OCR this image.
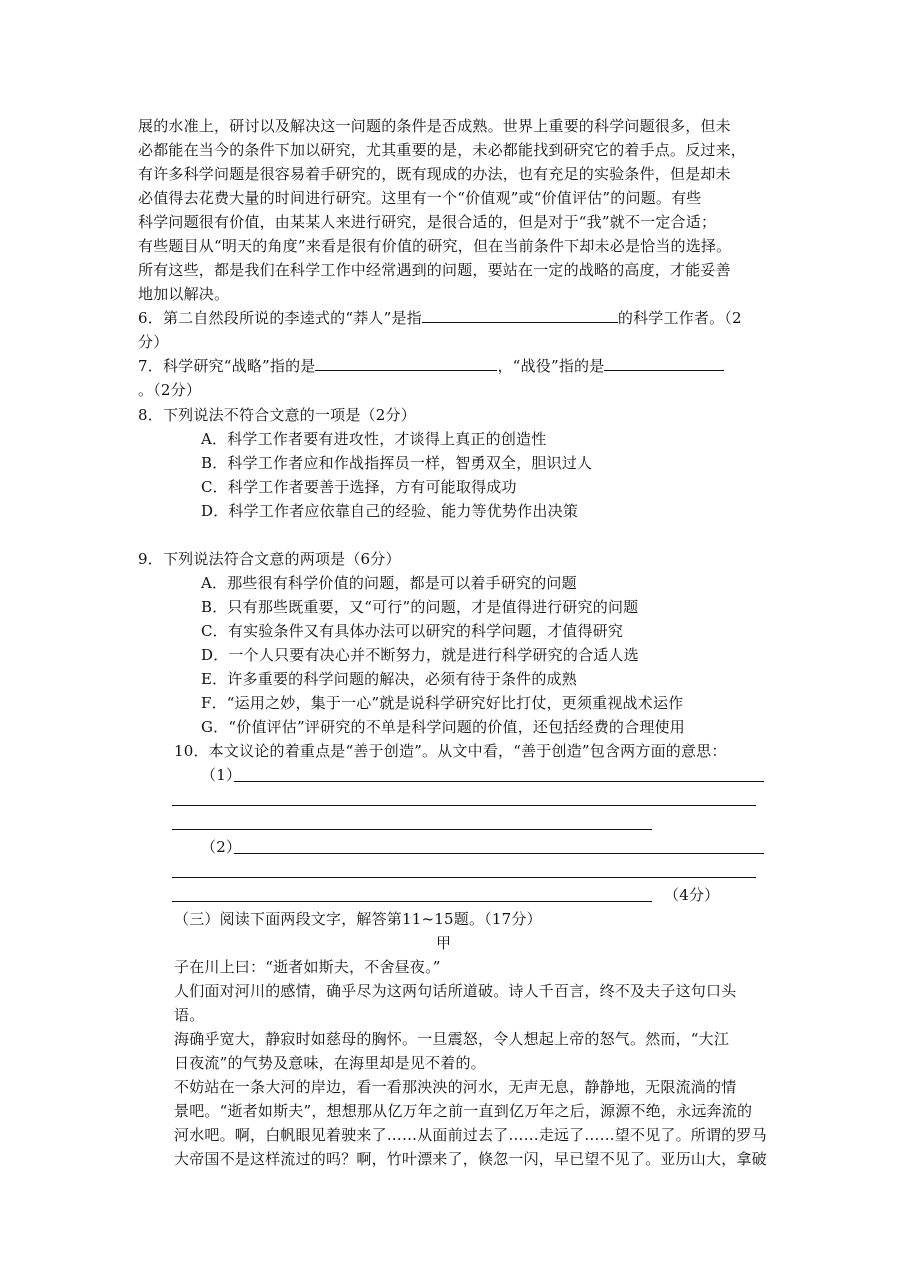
展的水准上，研讨以及解决这一问题的条件是否成熟。世界上重要的科学问题很多，但未
必都能在当今的条件下加以研究，尤其重要的是，未必都能找到研究它的着手点。反过来，
有许多科学问题是很容易着手研究的，既有现成的办法，也有充足的实验条件，但是却未
必值得去花费大量的时间进行研究。这里有一个“价值观”或“价值评估”的问题。有些
科学问题很有价值，由某某人来进行研究，是很合适的，但是对于“我”就不一定合适；
有些题目从“明天的角度”来看是很有价值的研究，但在当前条件下却未必是恰当的选择。
所有这些，都是我们在科学工作中经常遇到的问题，要站在一定的战略的高度，才能妥善
地加以解决。
6．第二自然段所说的李逵式的“莽人”是指	的科学工作者。（2
分）
7．科学研究“战略”指的是	，“战役”指的是
。（2分）
8．下列说法不符合文意的一项是（2分）
A．科学工作者要有进攻性，才谈得上真正的创造性
B．科学工作者应和作战指挥员一样，智勇双全，胆识过人
C．科学工作者要善于选择，方有可能取得成功
D．科学工作者应依靠自己的经验、能力等优势作出决策
9．下列说法符合文意的两项是（6分）
A．那些很有科学价值的问题，都是可以着手研究的问题
B．只有那些既重要，又“可行”的问题，才是值得进行研究的问题
C．有实验条件又有具体办法可以研究的科学问题，才值得研究
D．一个人只要有决心并不断努力，就是进行科学研究的合适人选
E．许多重要的科学问题的解决，必须有待于条件的成熟
F．“运用之妙，集于一心”就是说科学研究好比打仗，更须重视战术运作
G．“价值评估”评研究的不单是科学问题的价值，还包括经费的合理使用
10．本文议论的着重点是“善于创造”。从文中看，“善于创造”包含两方面的意思：
（1）
（2）
（4分）
（三）阅读下面两段文字，解答第11~15题。（17分）
甲
子在川上曰：“逝者如斯夫，不舍昼夜。”
人们面对河川的感情，确乎尽为这两句话所道破。诗人千百言，终不及夫子这句口头
语。
海确乎宽大，静寂时如慈母的胸怀。一旦震怒，令人想起上帝的怒气。然而，“大江
日夜流”的气势及意味，在海里却是见不着的。
不妨站在一条大河的岸边，看一看那泱泱的河水，无声无息，静静地，无限流淌的情
景吧。“逝者如斯夫”，想想那从亿万年之前一直到亿万年之后，源源不绝，永远奔流的
河水吧。啊，白帆眼见着驶来了……从面前过去了……走远了……望不见了。所谓的罗马
大帝国不是这样流过的吗？啊，竹叶漂来了，倏忽一闪，早已望不见了。亚历山大，拿破
